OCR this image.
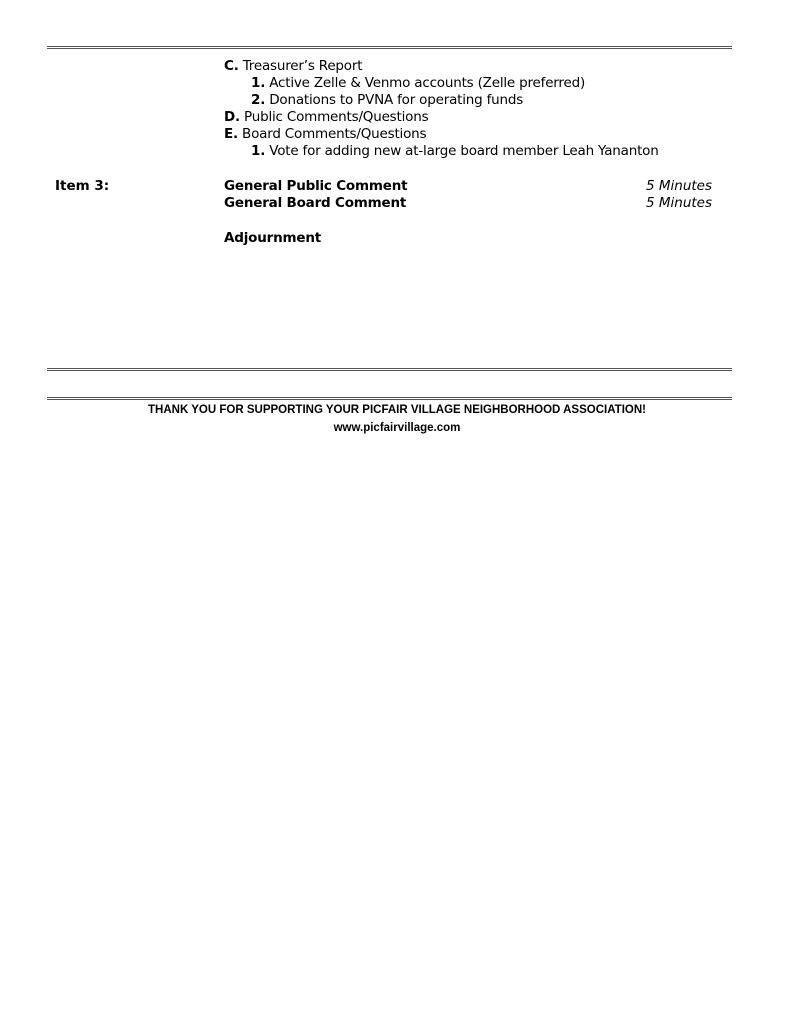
C. Treasurer’s Report
1. Active Zelle & Venmo accounts (Zelle preferred)
2. Donations to PVNA for operating funds
D. Public Comments/Questions
E. Board Comments/Questions
1. Vote for adding new at-large board member Leah Yananton
Item 3:	General Public Comment	5 Minutes
General Board Comment	5 Minutes
Adjournment
THANK YOU FOR SUPPORTING YOUR PICFAIR VILLAGE NEIGHBORHOOD ASSOCIATION!
www.picfairvillage.com
